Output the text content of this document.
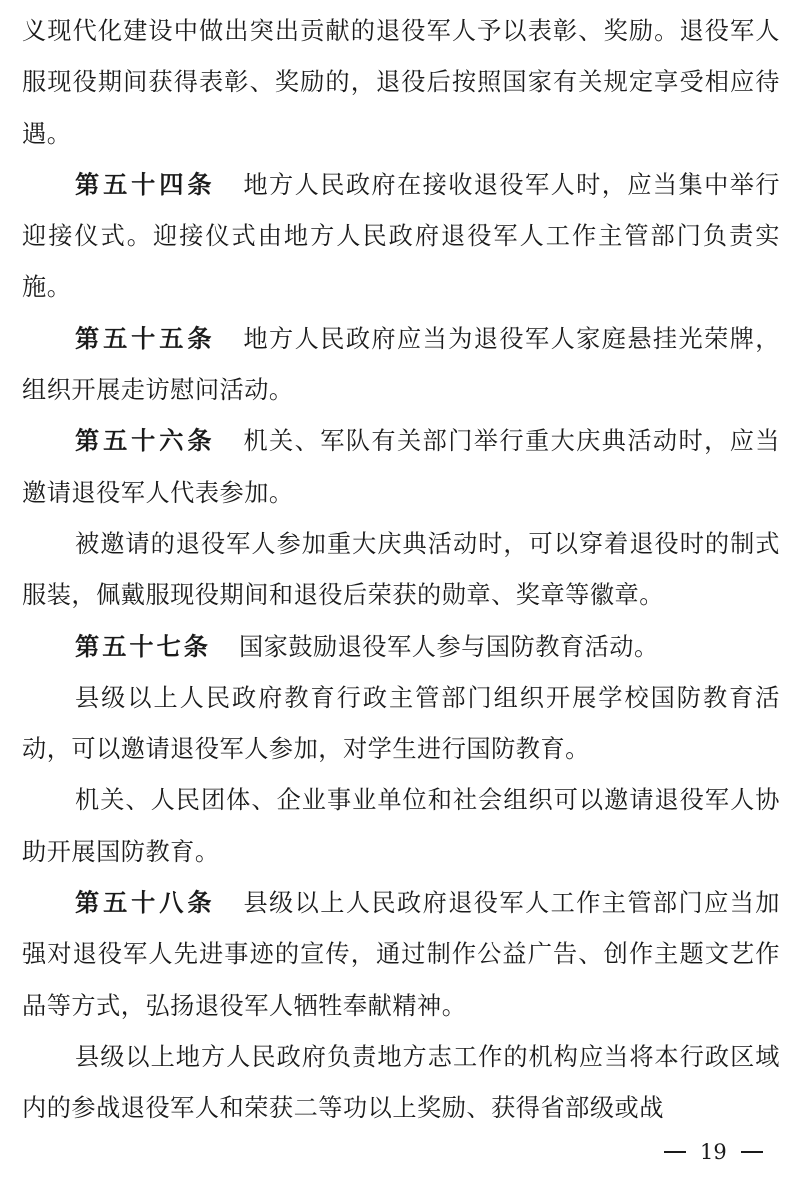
义现代化建设中做出突出贡献的退役军人予以表彰、奖励。退役军人服现役期间获得表彰、奖励的，退役后按照国家有关规定享受相应待遇。

第五十四条 地方人民政府在接收退役军人时，应当集中举行迎接仪式。迎接仪式由地方人民政府退役军人工作主管部门负责实施。

第五十五条 地方人民政府应当为退役军人家庭悬挂光荣牌，组织开展走访慰问活动。

第五十六条 机关、军队有关部门举行重大庆典活动时，应当邀请退役军人代表参加。

被邀请的退役军人参加重大庆典活动时，可以穿着退役时的制式服装，佩戴服现役期间和退役后荣获的勋章、奖章等徽章。

第五十七条 国家鼓励退役军人参与国防教育活动。

县级以上人民政府教育行政主管部门组织开展学校国防教育活动，可以邀请退役军人参加，对学生进行国防教育。

机关、人民团体、企业事业单位和社会组织可以邀请退役军人协助开展国防教育。

第五十八条 县级以上人民政府退役军人工作主管部门应当加强对退役军人先进事迹的宣传，通过制作公益广告、创作主题文艺作品等方式，弘扬退役军人牺牲奉献精神。

县级以上地方人民政府负责地方志工作的机构应当将本行政区域内的参战退役军人和荣获二等功以上奖励、获得省部级或战

19
